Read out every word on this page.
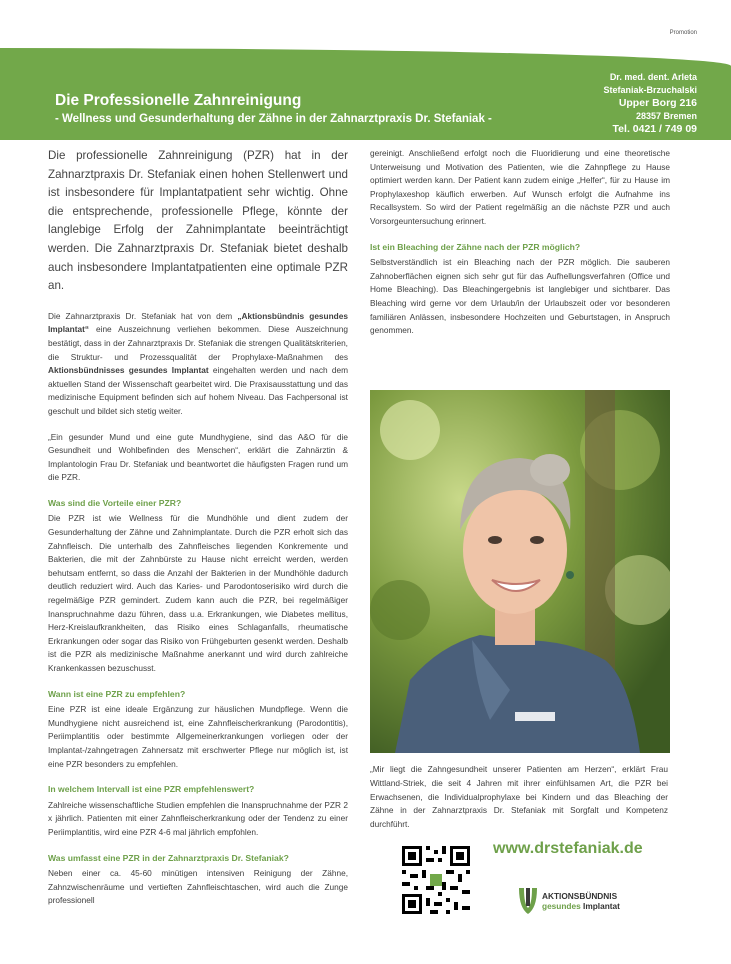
Promotion
Die Professionelle Zahnreinigung
- Wellness und Gesunderhaltung der Zähne in der Zahnarztpraxis Dr. Stefaniak -
Dr. med. dent. Arleta
Stefaniak-Brzuchalski
Upper Borg 216
28357 Bremen
Tel. 0421 / 749 09

Die professionelle Zahnreinigung (PZR) hat in der Zahnarztpraxis Dr. Stefaniak einen hohen Stellenwert und ist insbesondere für Implantatpatient sehr wichtig. Ohne die entsprechende, professionelle Pflege, könnte der langlebige Erfolg der Zahnimplantate beeinträchtigt werden. Die Zahnarztpraxis Dr. Stefaniak bietet deshalb auch insbesondere Implantatpatienten eine optimale PZR an.

Die Zahnarztpraxis Dr. Stefaniak hat von dem „Aktionsbündnis gesundes Implantat“ eine Auszeichnung verliehen bekommen. Diese Auszeichnung bestätigt, dass in der Zahnarztpraxis Dr. Stefaniak die strengen Qualitätskriterien, die Struktur- und Prozessqualität der Prophylaxe-Maßnahmen des Aktionsbündnisses gesundes Implantat eingehalten werden und nach dem aktuellen Stand der Wissenschaft gearbeitet wird. Die Praxisausstattung und das medizinische Equipment befinden sich auf hohem Niveau. Das Fachpersonal ist geschult und bildet sich stetig weiter.

„Ein gesunder Mund und eine gute Mundhygiene, sind das A&O für die Gesundheit und Wohlbefinden des Menschen“, erklärt die Zahnärztin & Implantologin Frau Dr. Stefaniak und beantwortet die häufigsten Fragen rund um die PZR.

Was sind die Vorteile einer PZR?

Die PZR ist wie Wellness für die Mundhöhle und dient zudem der Gesunderhaltung der Zähne und Zahnimplantate. Durch die PZR erholt sich das Zahnfleisch. Die unterhalb des Zahnfleisches liegenden Konkremente und Bakterien, die mit der Zahnbürste zu Hause nicht erreicht werden, werden behutsam entfernt, so dass die Anzahl der Bakterien in der Mundhöhle dadurch deutlich reduziert wird. Auch das Karies- und Parodontoserisiko wird durch die regelmäßige PZR gemindert. Zudem kann auch die PZR, bei regelmäßiger Inanspruchnahme dazu führen, dass u.a. Erkrankungen, wie Diabetes mellitus, Herz-Kreislaufkrankheiten, das Risiko eines Schlaganfalls, rheumatische Erkrankungen oder sogar das Risiko von Frühgeburten gesenkt werden. Deshalb ist die PZR als medizinische Maßnahme anerkannt und wird durch zahlreiche Krankenkassen bezuschusst.

Wann ist eine PZR zu empfehlen?

Eine PZR ist eine ideale Ergänzung zur häuslichen Mundpflege. Wenn die Mundhygiene nicht ausreichend ist, eine Zahnfleischerkrankung (Parodontitis), Periimplantitis oder bestimmte Allgemeinerkrankungen vorliegen oder der Implantat-/zahngetragen Zahnersatz mit erschwerter Pflege nur möglich ist, ist eine PZR besonders zu empfehlen.

In welchem Intervall ist eine PZR empfehlenswert?

Zahlreiche wissenschaftliche Studien empfehlen die Inanspruchnahme der PZR 2 x jährlich. Patienten mit einer Zahnfleischerkrankung oder der Tendenz zu einer Periimplantitis, wird eine PZR 4-6 mal jährlich empfohlen.

Was umfasst eine PZR in der Zahnarztpraxis Dr. Stefaniak?

Neben einer ca. 45-60 minütigen intensiven Reinigung der Zähne, Zahnzwischenräume und vertieften Zahnfleischtaschen, wird auch die Zunge professionell

gereinigt. Anschließend erfolgt noch die Fluoridierung und eine theoretische Unterweisung und Motivation des Patienten, wie die Zahnpflege zu Hause optimiert werden kann. Der Patient kann zudem einige „Helfer“, für zu Hause im Prophylaxeshop käuflich erwerben. Auf Wunsch erfolgt die Aufnahme ins Recallsystem. So wird der Patient regelmäßig an die nächste PZR und auch Vorsorgeuntersuchung erinnert.

Ist ein Bleaching der Zähne nach der PZR möglich?

Selbstverständlich ist ein Bleaching nach der PZR möglich. Die sauberen Zahnoberflächen eignen sich sehr gut für das Aufhellungsverfahren (Office und Home Bleaching). Das Bleachingergebnis ist langlebiger und sichtbarer. Das Bleaching wird gerne vor dem Urlaub/in der Urlaubszeit oder vor besonderen familiären Anlässen, insbesondere Hochzeiten und Geburtstagen, in Anspruch genommen.

„Mir liegt die Zahngesundheit unserer Patienten am Herzen“, erklärt Frau Wittland-Striek, die seit 4 Jahren mit ihrer einfühlsamen Art, die PZR bei Erwachsenen, die Individualprophylaxe bei Kindern und das Bleaching der Zähne in der Zahnarztpraxis Dr. Stefaniak mit Sorgfalt und Kompetenz durchführt.
www.drstefaniak.de
AKTIONSBÜNDNIS
gesundes Implantat
